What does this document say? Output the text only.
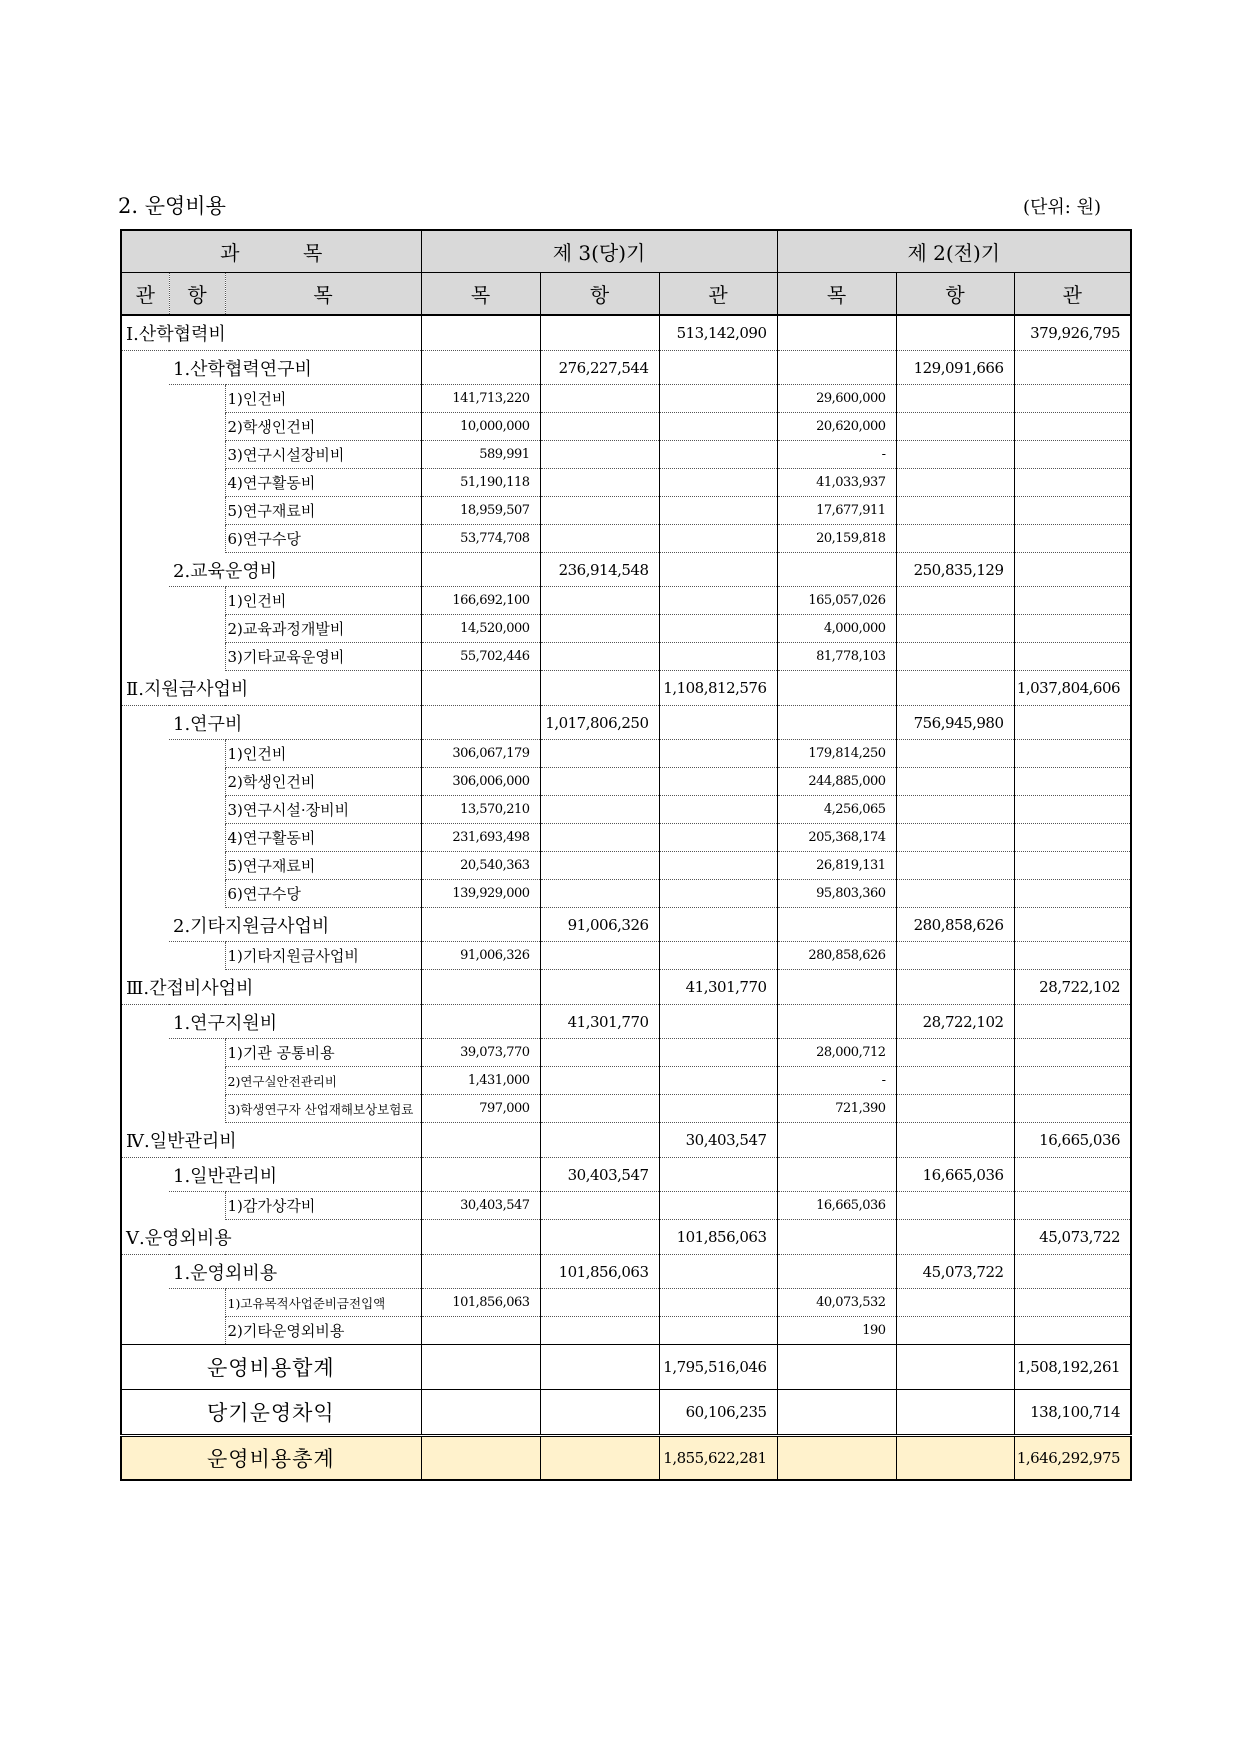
2. 운영비용	(단위: 원)
과          목			제 3(당)기			제 2(전)기		
관	항	목	목	항	관	목	항	관
Ⅰ.산학협력비					513,142,090			379,926,795
	1.산학협력연구비			276,227,544			129,091,666	
		1)인건비	141,713,220			29,600,000		
		2)학생인건비	10,000,000			20,620,000		
		3)연구시설장비비	589,991			-		
		4)연구활동비	51,190,118			41,033,937		
		5)연구재료비	18,959,507			17,677,911		
		6)연구수당	53,774,708			20,159,818		
	2.교육운영비			236,914,548			250,835,129	
		1)인건비	166,692,100			165,057,026		
		2)교육과정개발비	14,520,000			4,000,000		
		3)기타교육운영비	55,702,446			81,778,103		
Ⅱ.지원금사업비					1,108,812,576			1,037,804,606
	1.연구비			1,017,806,250			756,945,980	
		1)인건비	306,067,179			179,814,250		
		2)학생인건비	306,006,000			244,885,000		
		3)연구시설·장비비	13,570,210			4,256,065		
		4)연구활동비	231,693,498			205,368,174		
		5)연구재료비	20,540,363			26,819,131		
		6)연구수당	139,929,000			95,803,360		
	2.기타지원금사업비			91,006,326			280,858,626	
		1)기타지원금사업비	91,006,326			280,858,626		
Ⅲ.간접비사업비					41,301,770			28,722,102
	1.연구지원비			41,301,770			28,722,102	
		1)기관 공통비용	39,073,770			28,000,712		
		2)연구실안전관리비	1,431,000			-		
		3)학생연구자 산업재해보상보험료	797,000			721,390		
Ⅳ.일반관리비					30,403,547			16,665,036
	1.일반관리비			30,403,547			16,665,036	
		1)감가상각비	30,403,547			16,665,036		
Ⅴ.운영외비용					101,856,063			45,073,722
	1.운영외비용			101,856,063			45,073,722	
		1)고유목적사업준비금전입액	101,856,063			40,073,532		
		2)기타운영외비용				190		
운영비용합계					1,795,516,046			1,508,192,261
당기운영차익					60,106,235			138,100,714
운영비용총계					1,855,622,281			1,646,292,975
